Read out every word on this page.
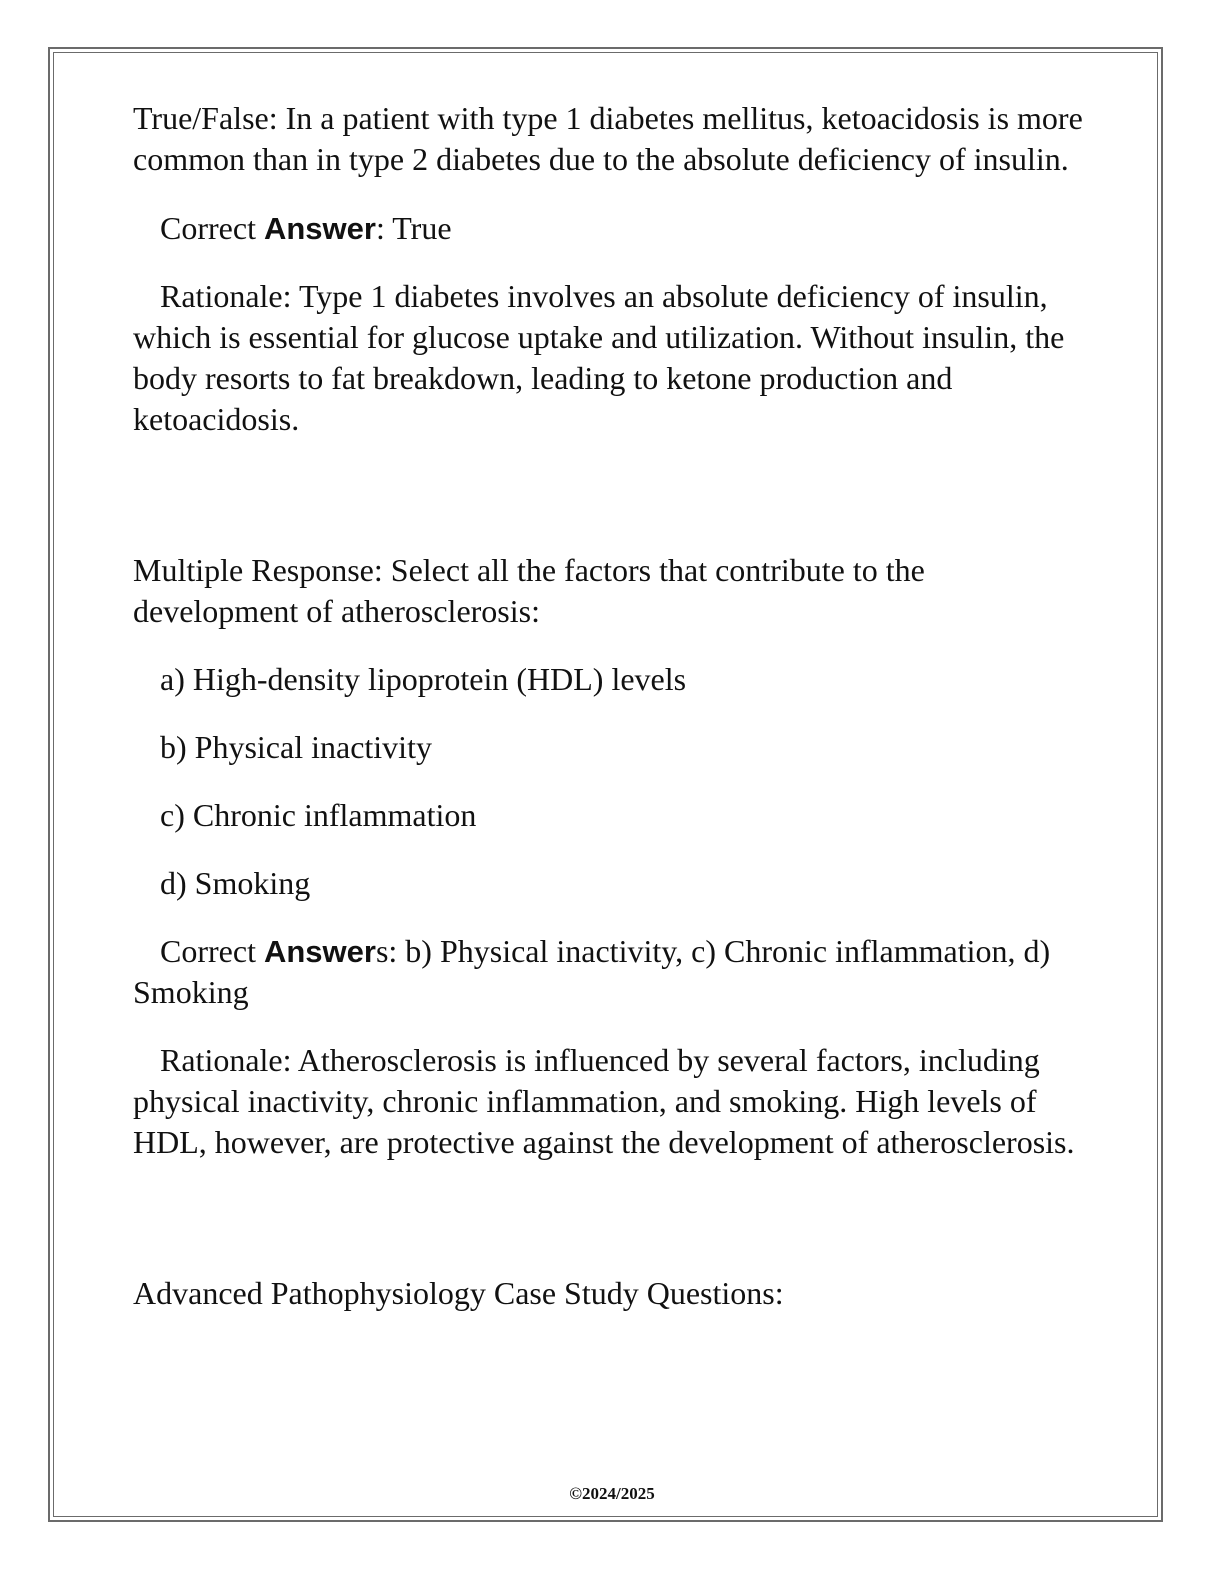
True/False: In a patient with type 1 diabetes mellitus, ketoacidosis is more common than in type 2 diabetes due to the absolute deficiency of insulin.

Correct Answer: True

Rationale: Type 1 diabetes involves an absolute deficiency of insulin, which is essential for glucose uptake and utilization. Without insulin, the body resorts to fat breakdown, leading to ketone production and ketoacidosis.

Multiple Response: Select all the factors that contribute to the development of atherosclerosis:

a) High-density lipoprotein (HDL) levels

b) Physical inactivity

c) Chronic inflammation

d) Smoking

Correct Answers: b) Physical inactivity, c) Chronic inflammation, d) Smoking

Rationale: Atherosclerosis is influenced by several factors, including physical inactivity, chronic inflammation, and smoking. High levels of HDL, however, are protective against the development of atherosclerosis.

Advanced Pathophysiology Case Study Questions:

©2024/2025
